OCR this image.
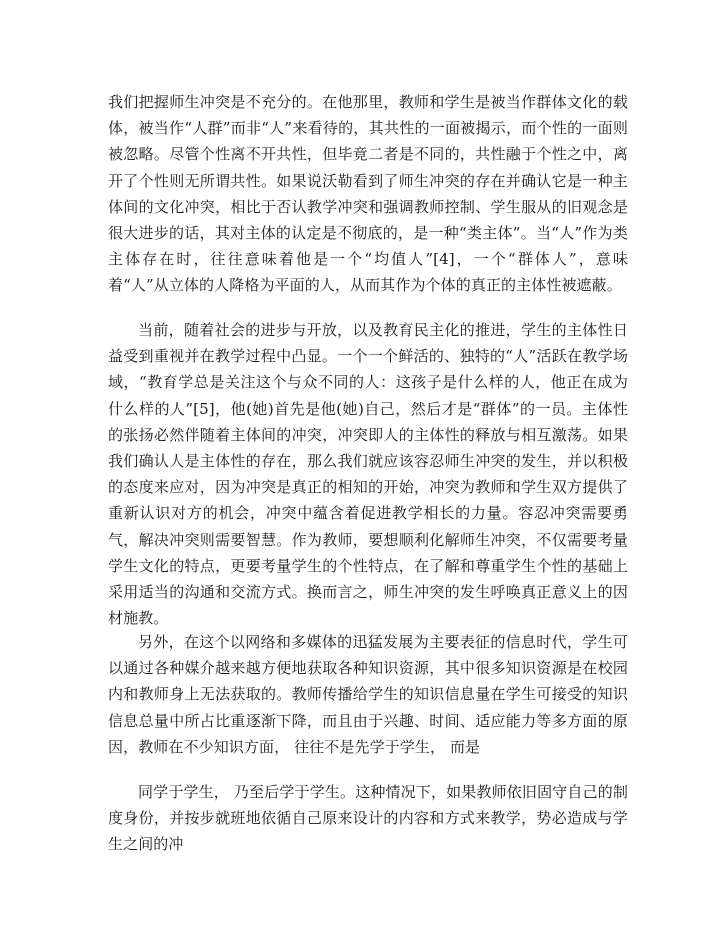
我们把握师生冲突是不充分的。在他那里，教师和学生是被当作群体文化的载体，被当作“人群”而非“人”来看待的，其共性的一面被揭示，而个性的一面则被忽略。尽管个性离不开共性，但毕竟二者是不同的，共性融于个性之中，离开了个性则无所谓共性。如果说沃勒看到了师生冲突的存在并确认它是一种主体间的文化冲突，相比于否认教学冲突和强调教师控制、学生服从的旧观念是很大进步的话，其对主体的认定是不彻底的，是一种“类主体”。当“人”作为类主体存在时，往往意味着他是一个“均值人”[4]，一个“群体人”，意味着“人”从立体的人降格为平面的人，从而其作为个体的真正的主体性被遮蔽。

当前，随着社会的进步与开放，以及教育民主化的推进，学生的主体性日益受到重视并在教学过程中凸显。一个一个鲜活的、独特的“人”活跃在教学场域，“教育学总是关注这个与众不同的人：这孩子是什么样的人，他正在成为什么样的人”[5]，他(她)首先是他(她)自己，然后才是“群体”的一员。主体性的张扬必然伴随着主体间的冲突，冲突即人的主体性的释放与相互激荡。如果我们确认人是主体性的存在，那么我们就应该容忍师生冲突的发生，并以积极的态度来应对，因为冲突是真正的相知的开始，冲突为教师和学生双方提供了重新认识对方的机会，冲突中蕴含着促进教学相长的力量。容忍冲突需要勇气，解决冲突则需要智慧。作为教师，要想顺利化解师生冲突，不仅需要考量学生文化的特点，更要考量学生的个性特点，在了解和尊重学生个性的基础上采用适当的沟通和交流方式。换而言之，师生冲突的发生呼唤真正意义上的因材施教。

另外，在这个以网络和多媒体的迅猛发展为主要表征的信息时代，学生可以通过各种媒介越来越方便地获取各种知识资源，其中很多知识资源是在校园内和教师身上无法获取的。教师传播给学生的知识信息量在学生可接受的知识信息总量中所占比重逐渐下降，而且由于兴趣、时间、适应能力等多方面的原因，教师在不少知识方面， 往往不是先学于学生， 而是

同学于学生， 乃至后学于学生。这种情况下，如果教师依旧固守自己的制度身份，并按步就班地依循自己原来设计的内容和方式来教学，势必造成与学生之间的冲
